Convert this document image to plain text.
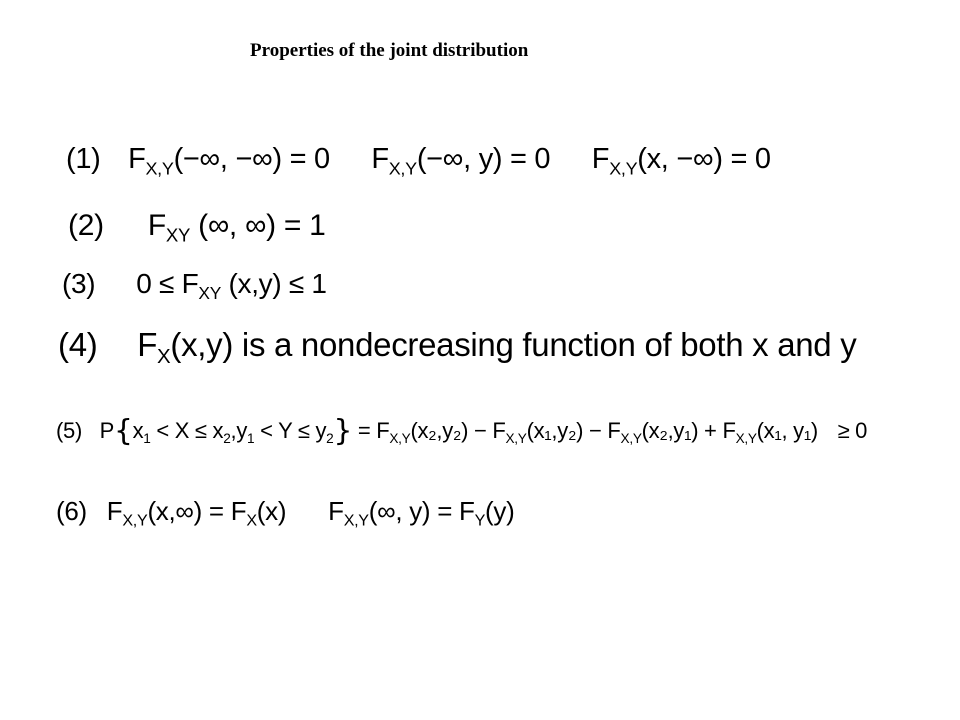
Properties of the joint distribution
(1) $F_{X,Y}(-\infty$, −∞) = 0 $F_{X,Y}(-\infty$, y) = 0 $F_{X,Y}(x$, −∞) = 0
(2) $F_{XY}$ (∞, ∞) = 1
(3) $0 \le F_{XY}$ (x,y) ≤ 1
(4) $F_X(x,y)$ is a nondecreasing function of both x and y
(5) $P\{x_1 < X \le x_2,y_1 < Y \le y_2\} = F_{X,Y}(x_2,y_2) - F_{X,Y}(x_1,y_2) - F_{X,Y}(x_2,y_1) + F_{X,Y}(x_1$, y₁) ≥ 0
(6) $F_{X,Y}(x,\infty) = F_X(x)$ $F_{X,Y}(\infty$, $y) = F_Y(y)$
